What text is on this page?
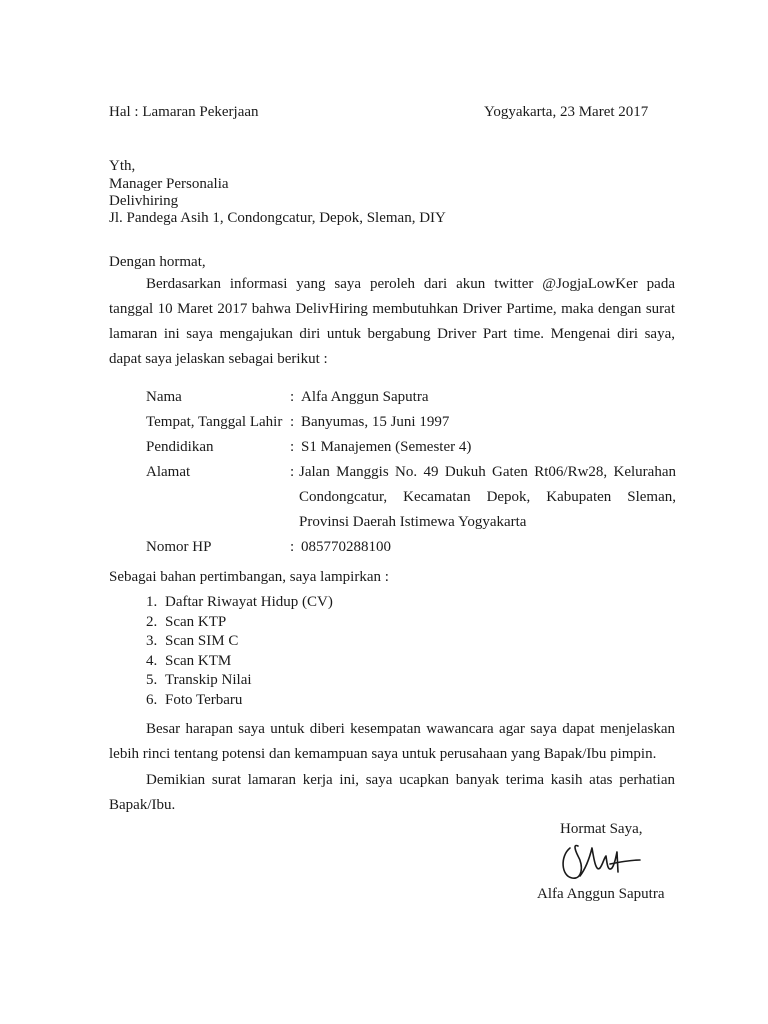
Hal : Lamaran Pekerjaan	Yogyakarta, 23 Maret 2017
Yth,
Manager Personalia
Delivhiring
Jl. Pandega Asih 1, Condongcatur, Depok, Sleman, DIY
Dengan hormat,

Berdasarkan informasi yang saya peroleh dari akun twitter @JogjaLowKer pada tanggal 10 Maret 2017 bahwa DelivHiring membutuhkan Driver Partime, maka dengan surat lamaran ini saya mengajukan diri untuk bergabung Driver Part time. Mengenai diri saya, dapat saya jelaskan sebagai berikut :

Nama	: Alfa Anggun Saputra
Tempat, Tanggal Lahir : Banyumas, 15 Juni 1997
Pendidikan	: S1 Manajemen (Semester 4)
Alamat	: Jalan Manggis No. 49 Dukuh Gaten Rt06/Rw28, Kelurahan Condongcatur, Kecamatan Depok, Kabupaten Sleman, Provinsi Daerah Istimewa Yogyakarta
Nomor HP	: 085770288100
Sebagai bahan pertimbangan, saya lampirkan :
1. Daftar Riwayat Hidup (CV)
2. Scan KTP
3. Scan SIM C
4. Scan KTM
5. Transkip Nilai
6. Foto Terbaru

Besar harapan saya untuk diberi kesempatan wawancara agar saya dapat menjelaskan lebih rinci tentang potensi dan kemampuan saya untuk perusahaan yang Bapak/Ibu pimpin.

Demikian surat lamaran kerja ini, saya ucapkan banyak terima kasih atas perhatian Bapak/Ibu.

Hormat Saya,
Alfa Anggun Saputra
